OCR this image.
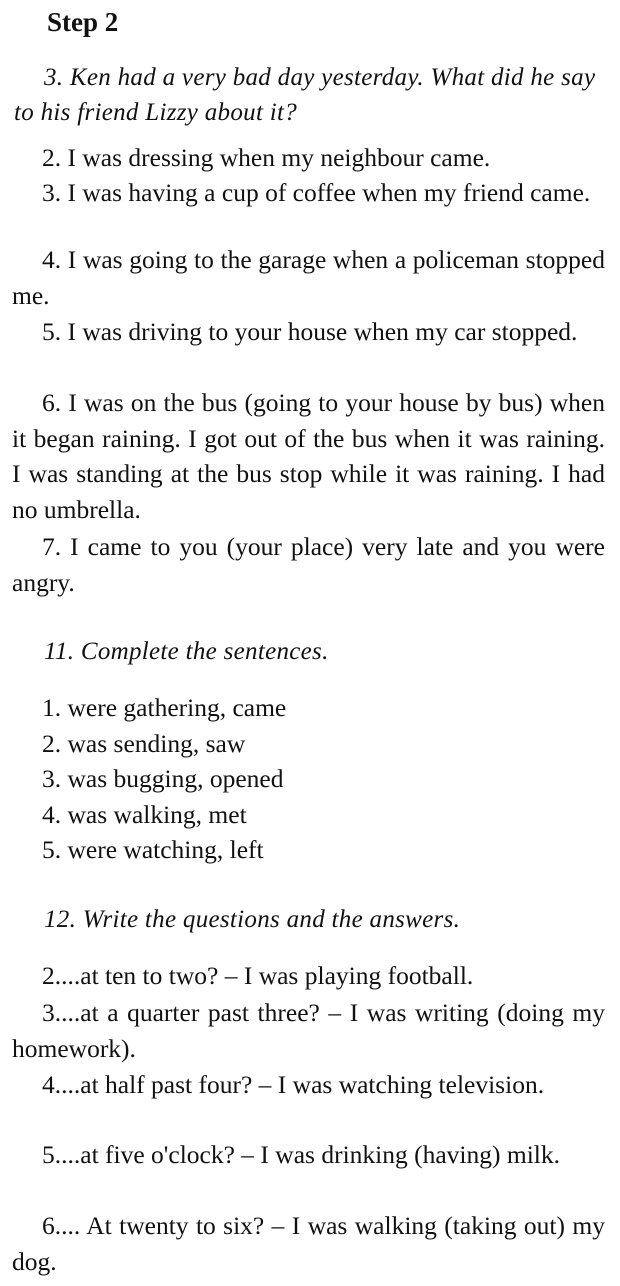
Step 2
3. Ken had a very bad day yesterday. What did he say to his friend Lizzy about it?
2. I was dressing when my neighbour came.
3. I was having a cup of coffee when my friend came.
4. I was going to the garage when a policeman stopped me.
5. I was driving to your house when my car stopped.
6. I was on the bus (going to your house by bus) when it began raining. I got out of the bus when it was raining. I was standing at the bus stop while it was raining. I had no umbrella.
7. I came to you (your place) very late and you were angry.
11. Complete the sentences.
1. were gathering, came
2. was sending, saw
3. was bugging, opened
4. was walking, met
5. were watching, left
12. Write the questions and the answers.
2....at ten to two? – I was playing football.
3....at a quarter past three? – I was writing (doing my homework).
4....at half past four? – I was watching television.
5....at five o'clock? – I was drinking (having) milk.
6.... At twenty to six? – I was walking (taking out) my dog.
